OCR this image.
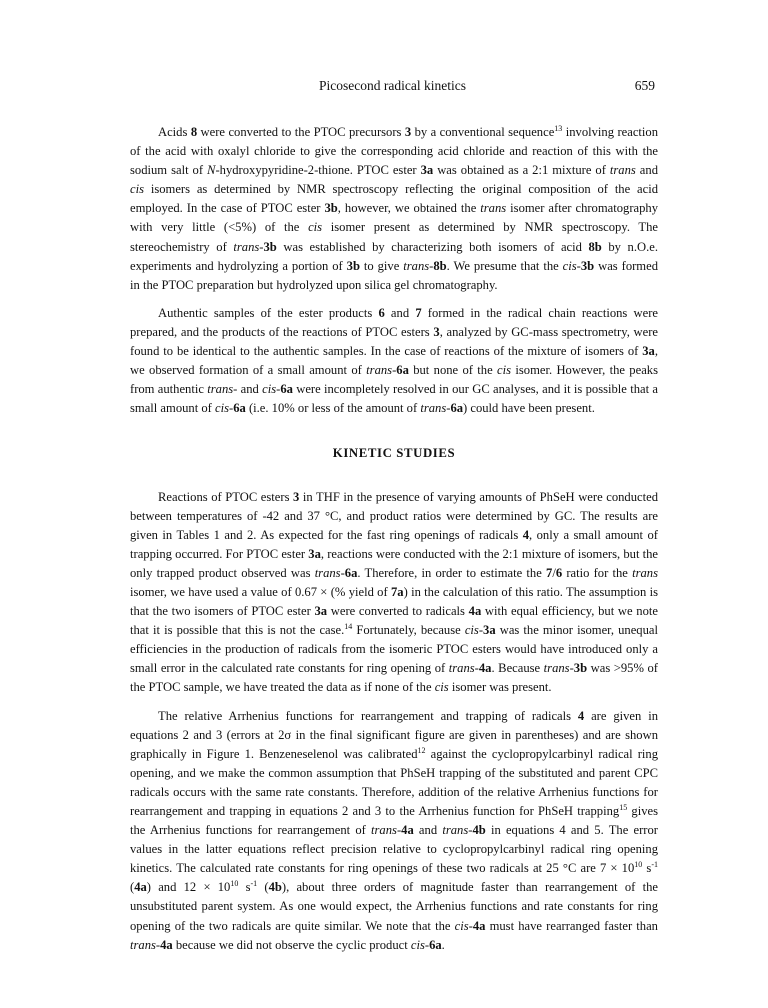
Picosecond radical kinetics	659

Acids 8 were converted to the PTOC precursors 3 by a conventional sequence$^{13}$ involving reaction of the acid with oxalyl chloride to give the corresponding acid chloride and reaction of this with the sodium salt of N-hydroxypyridine-2-thione. PTOC ester 3a was obtained as a 2:1 mixture of trans and cis isomers as determined by NMR spectroscopy reflecting the original composition of the acid employed. In the case of PTOC ester 3b, however, we obtained the trans isomer after chromatography with very little (<5%) of the cis isomer present as determined by NMR spectroscopy. The stereochemistry of trans-3b was established by characterizing both isomers of acid 8b by n.O.e. experiments and hydrolyzing a portion of 3b to give trans-8b. We presume that the cis-3b was formed in the PTOC preparation but hydrolyzed upon silica gel chromatography.

Authentic samples of the ester products 6 and 7 formed in the radical chain reactions were prepared, and the products of the reactions of PTOC esters 3, analyzed by GC-mass spectrometry, were found to be identical to the authentic samples. In the case of reactions of the mixture of isomers of 3a, we observed formation of a small amount of trans-6a but none of the cis isomer. However, the peaks from authentic trans- and cis-6a were incompletely resolved in our GC analyses, and it is possible that a small amount of cis-6a (i.e. 10% or less of the amount of trans-6a) could have been present.

KINETIC STUDIES

Reactions of PTOC esters 3 in THF in the presence of varying amounts of PhSeH were conducted between temperatures of -42 and 37 °C, and product ratios were determined by GC. The results are given in Tables 1 and 2. As expected for the fast ring openings of radicals 4, only a small amount of trapping occurred. For PTOC ester 3a, reactions were conducted with the 2:1 mixture of isomers, but the only trapped product observed was trans-6a. Therefore, in order to estimate the 7/6 ratio for the trans isomer, we have used a value of 0.67 × (% yield of 7a) in the calculation of this ratio. The assumption is that the two isomers of PTOC ester 3a were converted to radicals 4a with equal efficiency, but we note that it is possible that this is not the case.$^{14}$ Fortunately, because cis-3a was the minor isomer, unequal efficiencies in the production of radicals from the isomeric PTOC esters would have introduced only a small error in the calculated rate constants for ring opening of trans-4a. Because trans-3b was >95% of the PTOC sample, we have treated the data as if none of the cis isomer was present.

The relative Arrhenius functions for rearrangement and trapping of radicals 4 are given in equations 2 and 3 (errors at 2σ in the final significant figure are given in parentheses) and are shown graphically in Figure 1. Benzeneselenol was calibrated$^{12}$ against the cyclopropylcarbinyl radical ring opening, and we make the common assumption that PhSeH trapping of the substituted and parent CPC radicals occurs with the same rate constants. Therefore, addition of the relative Arrhenius functions for rearrangement and trapping in equations 2 and 3 to the Arrhenius function for PhSeH trapping$^{15}$ gives the Arrhenius functions for rearrangement of trans-4a and trans-4b in equations 4 and 5. The error values in the latter equations reflect precision relative to cyclopropylcarbinyl radical ring opening kinetics. The calculated rate constants for ring openings of these two radicals at 25 °C are $7 \times 10^{10}$ $s^{-1}$ (4a) and $12 \times 10^{10}$ $s^{-1}$ (4b), about three orders of magnitude faster than rearrangement of the unsubstituted parent system. As one would expect, the Arrhenius functions and rate constants for ring opening of the two radicals are quite similar. We note that the cis-4a must have rearranged faster than trans-4a because we did not observe the cyclic product cis-6a.
